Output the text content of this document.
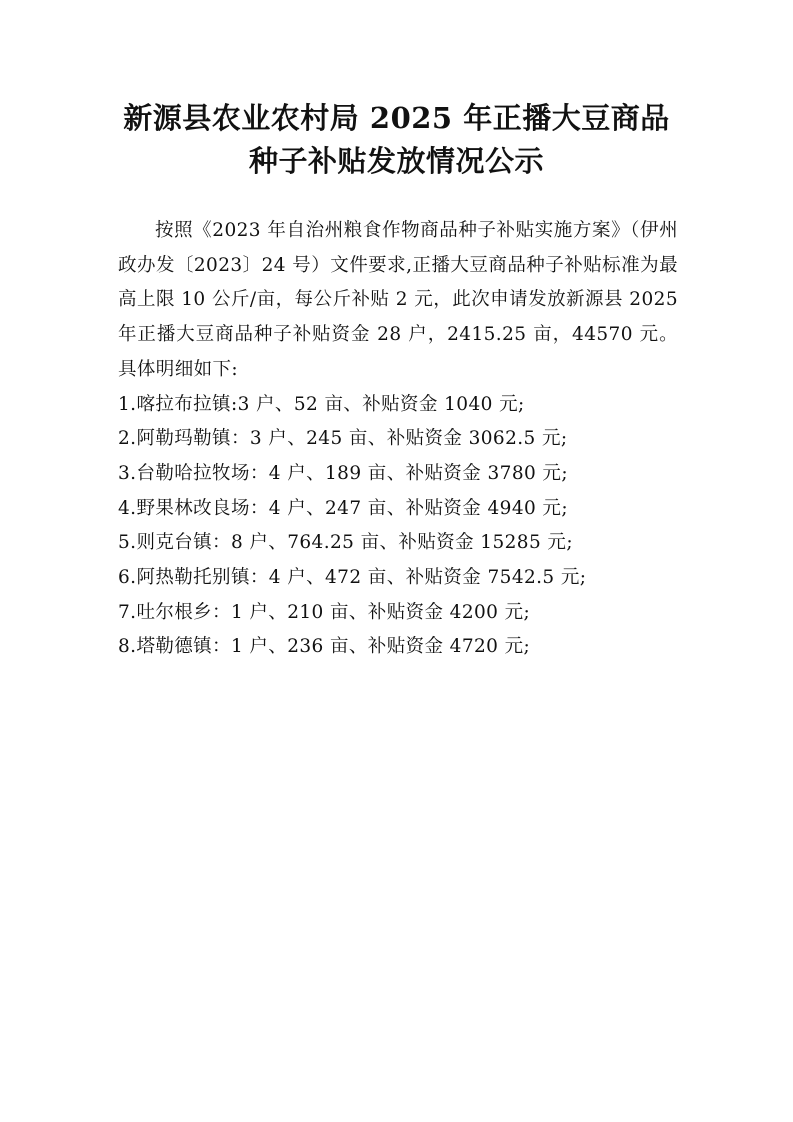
新源县农业农村局 2025 年正播大豆商品
种子补贴发放情况公示

按照《2023 年自治州粮食作物商品种子补贴实施方案》（伊州政办发〔2023〕24 号）文件要求,正播大豆商品种子补贴标准为最高上限 10 公斤/亩，每公斤补贴 2 元，此次申请发放新源县 2025 年正播大豆商品种子补贴资金 28 户，2415.25 亩，44570 元。具体明细如下:

1.喀拉布拉镇:3 户、52 亩、补贴资金 1040 元;

2.阿勒玛勒镇：3 户、245 亩、补贴资金 3062.5 元;

3.台勒哈拉牧场：4 户、189 亩、补贴资金 3780 元;

4.野果林改良场：4 户、247 亩、补贴资金 4940 元;

5.则克台镇：8 户、764.25 亩、补贴资金 15285 元;

6.阿热勒托别镇：4 户、472 亩、补贴资金 7542.5 元;

7.吐尔根乡：1 户、210 亩、补贴资金 4200 元;

8.塔勒德镇：1 户、236 亩、补贴资金 4720 元;
